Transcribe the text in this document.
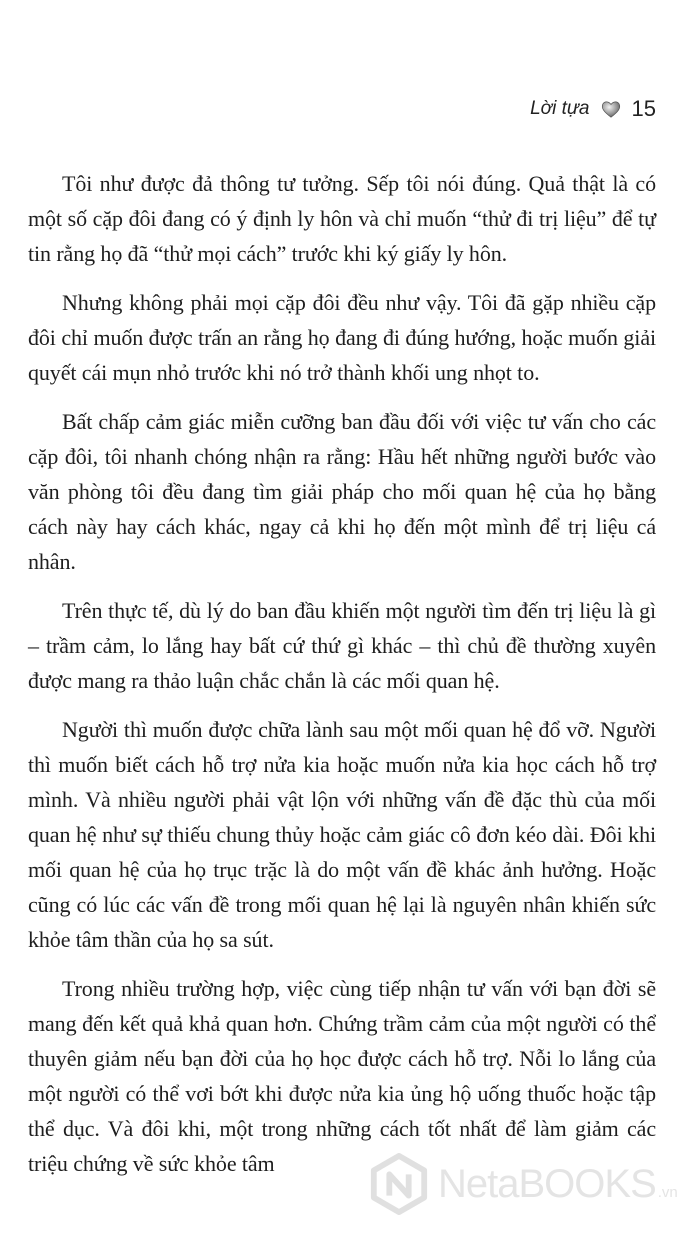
Lời tựa 15

Tôi như được đả thông tư tưởng. Sếp tôi nói đúng. Quả thật là có một số cặp đôi đang có ý định ly hôn và chỉ muốn “thử đi trị liệu” để tự tin rằng họ đã “thử mọi cách” trước khi ký giấy ly hôn.

Nhưng không phải mọi cặp đôi đều như vậy. Tôi đã gặp nhiều cặp đôi chỉ muốn được trấn an rằng họ đang đi đúng hướng, hoặc muốn giải quyết cái mụn nhỏ trước khi nó trở thành khối ung nhọt to.

Bất chấp cảm giác miễn cưỡng ban đầu đối với việc tư vấn cho các cặp đôi, tôi nhanh chóng nhận ra rằng: Hầu hết những người bước vào văn phòng tôi đều đang tìm giải pháp cho mối quan hệ của họ bằng cách này hay cách khác, ngay cả khi họ đến một mình để trị liệu cá nhân.

Trên thực tế, dù lý do ban đầu khiến một người tìm đến trị liệu là gì – trầm cảm, lo lắng hay bất cứ thứ gì khác – thì chủ đề thường xuyên được mang ra thảo luận chắc chắn là các mối quan hệ.

Người thì muốn được chữa lành sau một mối quan hệ đổ vỡ. Người thì muốn biết cách hỗ trợ nửa kia hoặc muốn nửa kia học cách hỗ trợ mình. Và nhiều người phải vật lộn với những vấn đề đặc thù của mối quan hệ như sự thiếu chung thủy hoặc cảm giác cô đơn kéo dài. Đôi khi mối quan hệ của họ trục trặc là do một vấn đề khác ảnh hưởng. Hoặc cũng có lúc các vấn đề trong mối quan hệ lại là nguyên nhân khiến sức khỏe tâm thần của họ sa sút.

Trong nhiều trường hợp, việc cùng tiếp nhận tư vấn với bạn đời sẽ mang đến kết quả khả quan hơn. Chứng trầm cảm của một người có thể thuyên giảm nếu bạn đời của họ học được cách hỗ trợ. Nỗi lo lắng của một người có thể vơi bớt khi được nửa kia ủng hộ uống thuốc hoặc tập thể dục. Và đôi khi, một trong những cách tốt nhất để làm giảm các triệu chứng về sức khỏe tâm	NetaBOOKS .vn
